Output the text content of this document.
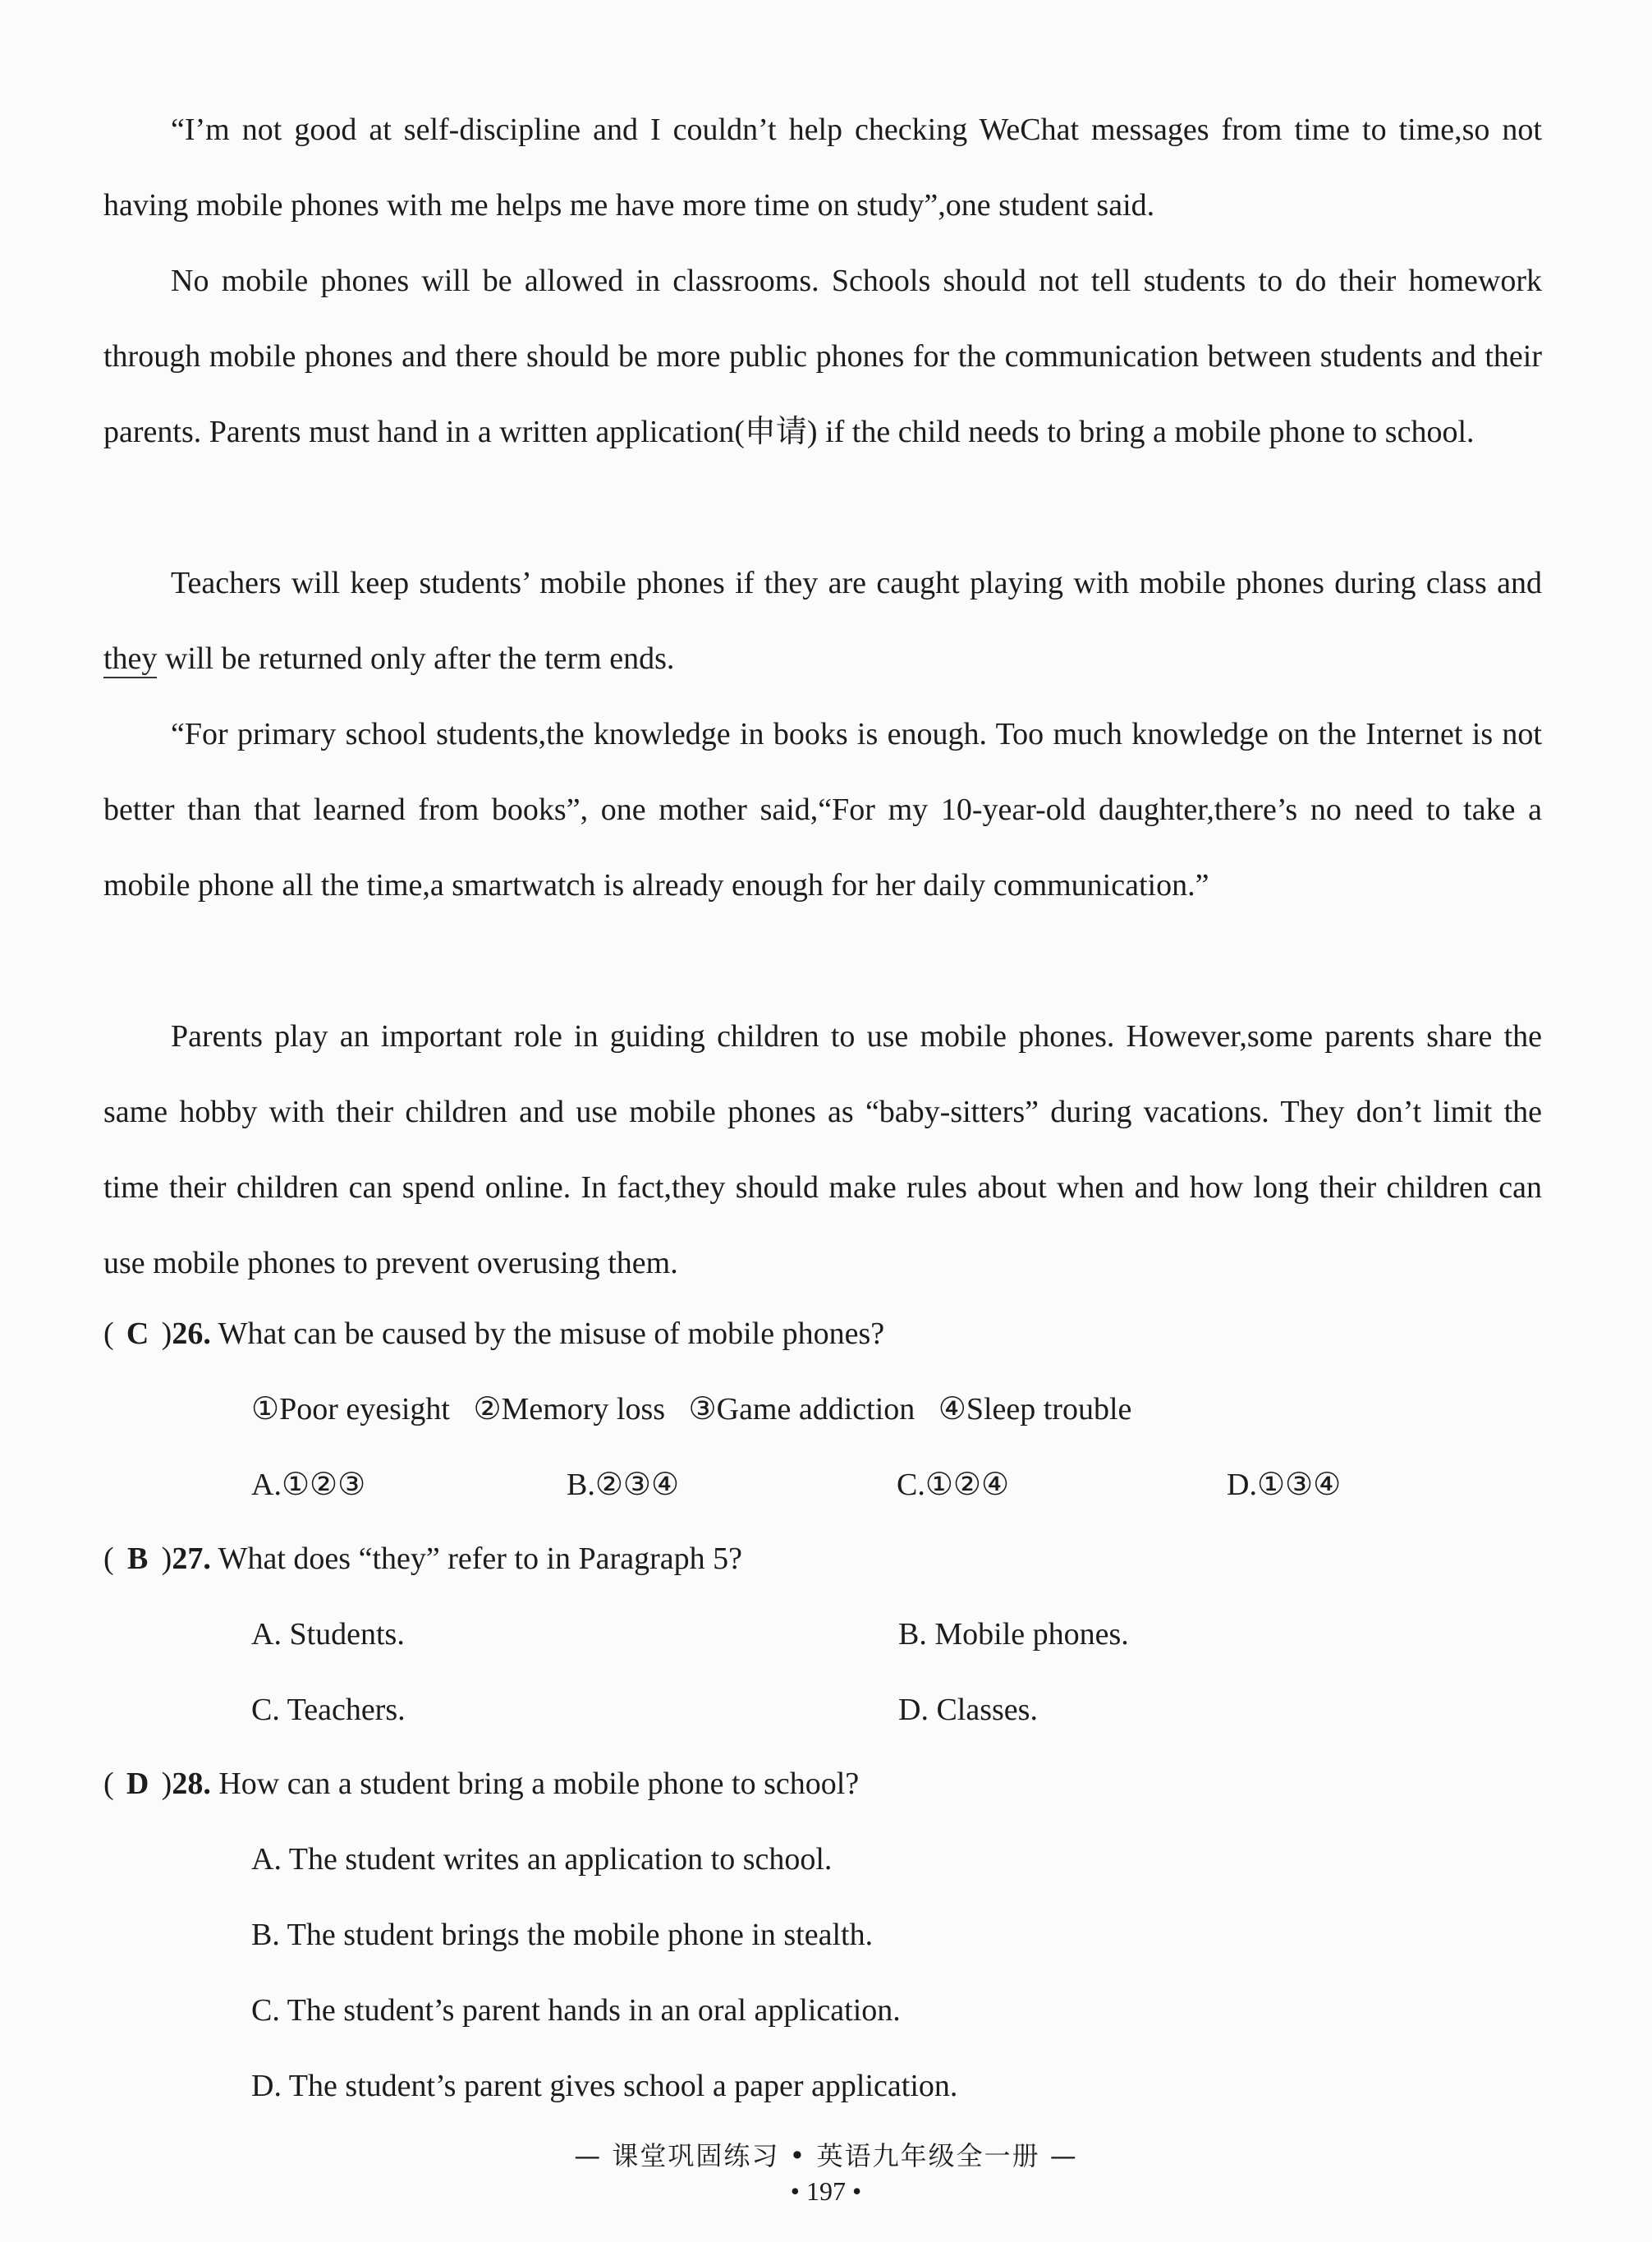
“I’m not good at self-discipline and I couldn’t help checking WeChat messages from time to time,so not having mobile phones with me helps me have more time on study”,one student said.

No mobile phones will be allowed in classrooms. Schools should not tell students to do their homework through mobile phones and there should be more public phones for the communication between students and their parents. Parents must hand in a written application(申请) if the child needs to bring a mobile phone to school.

Teachers will keep students’ mobile phones if they are caught playing with mobile phones during class and they will be returned only after the term ends.

“For primary school students,the knowledge in books is enough. Too much knowledge on the Internet is not better than that learned from books”, one mother said,“For my 10-year-old daughter,there’s no need to take a mobile phone all the time,a smartwatch is already enough for her daily communication.”

Parents play an important role in guiding children to use mobile phones. However,some parents share the same hobby with their children and use mobile phones as “baby-sitters” during vacations. They don’t limit the time their children can spend online. In fact,they should make rules about when and how long their children can use mobile phones to prevent overusing them.

( C )26. What can be caused by the misuse of mobile phones?
①Poor eyesight   ②Memory loss   ③Game addiction   ④Sleep trouble
A.①②③	B.②③④	C.①②④	D.①③④
( B )27. What does “they” refer to in Paragraph 5?
A. Students.	B. Mobile phones.
C. Teachers.	D. Classes.
( D )28. How can a student bring a mobile phone to school?
A. The student writes an application to school.
B. The student brings the mobile phone in stealth.
C. The student’s parent hands in an oral application.
D. The student’s parent gives school a paper application.
— 课堂巩固练习 • 英语九年级全一册 —
• 197 •
